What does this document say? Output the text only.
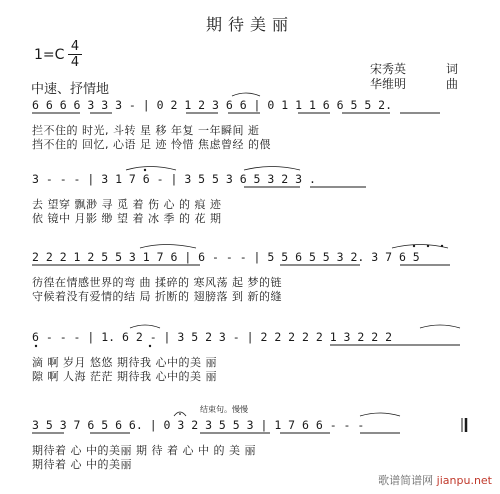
期待美丽
1=C
4
4
中速、抒情地
宋秀英	词
华维明	曲
6 6 6 6 3 3 3 - | 0 2 1 2 3 6 6 | 0 1 1 1 6 6 5 5 2.
拦不住的 时光, 斗转 星 移 年复 一年瞬间 逝
挡不住的 回忆, 心语 足 迹 怜惜 焦虑曾经 的偎
3 - - - | 3 1 7 6 - | 3 5 5 3 6 5 3 2 3 .
去 望穿 飘渺 寻 觅 着 伤 心 的 痕 迹
依 镜中 月影 缈 望 着 冰 季 的 花 期
2 2 2 1 2 5 5 3 1 7 6 | 6 - - - | 5 5 6 5 5 3 2. 3 7 6 5
彷徨在情感世界的弯 曲 揉碎的 寒风荡 起 梦的链
守候着没有爱情的结 局 折断的 翅膀落 到 新的缝
6 - - - | 1. 6 2 - | 3 5 2 3 - | 2 2 2 2 2 1 3 2 2 2
滴 啊 岁月 悠悠 期待我 心中的美 丽
隙 啊 人海 茫茫 期待我 心中的美 丽
结束句。慢慢
3 5 3 7 6 5 6 6. | 0 3 2 3 5 5 3 | 1 7 6 6 - - -
期待着 心 中的美丽 期 待 着 心 中 的 美 丽
期待着 心 中的美丽
歌谱简谱网 jianpu.net
